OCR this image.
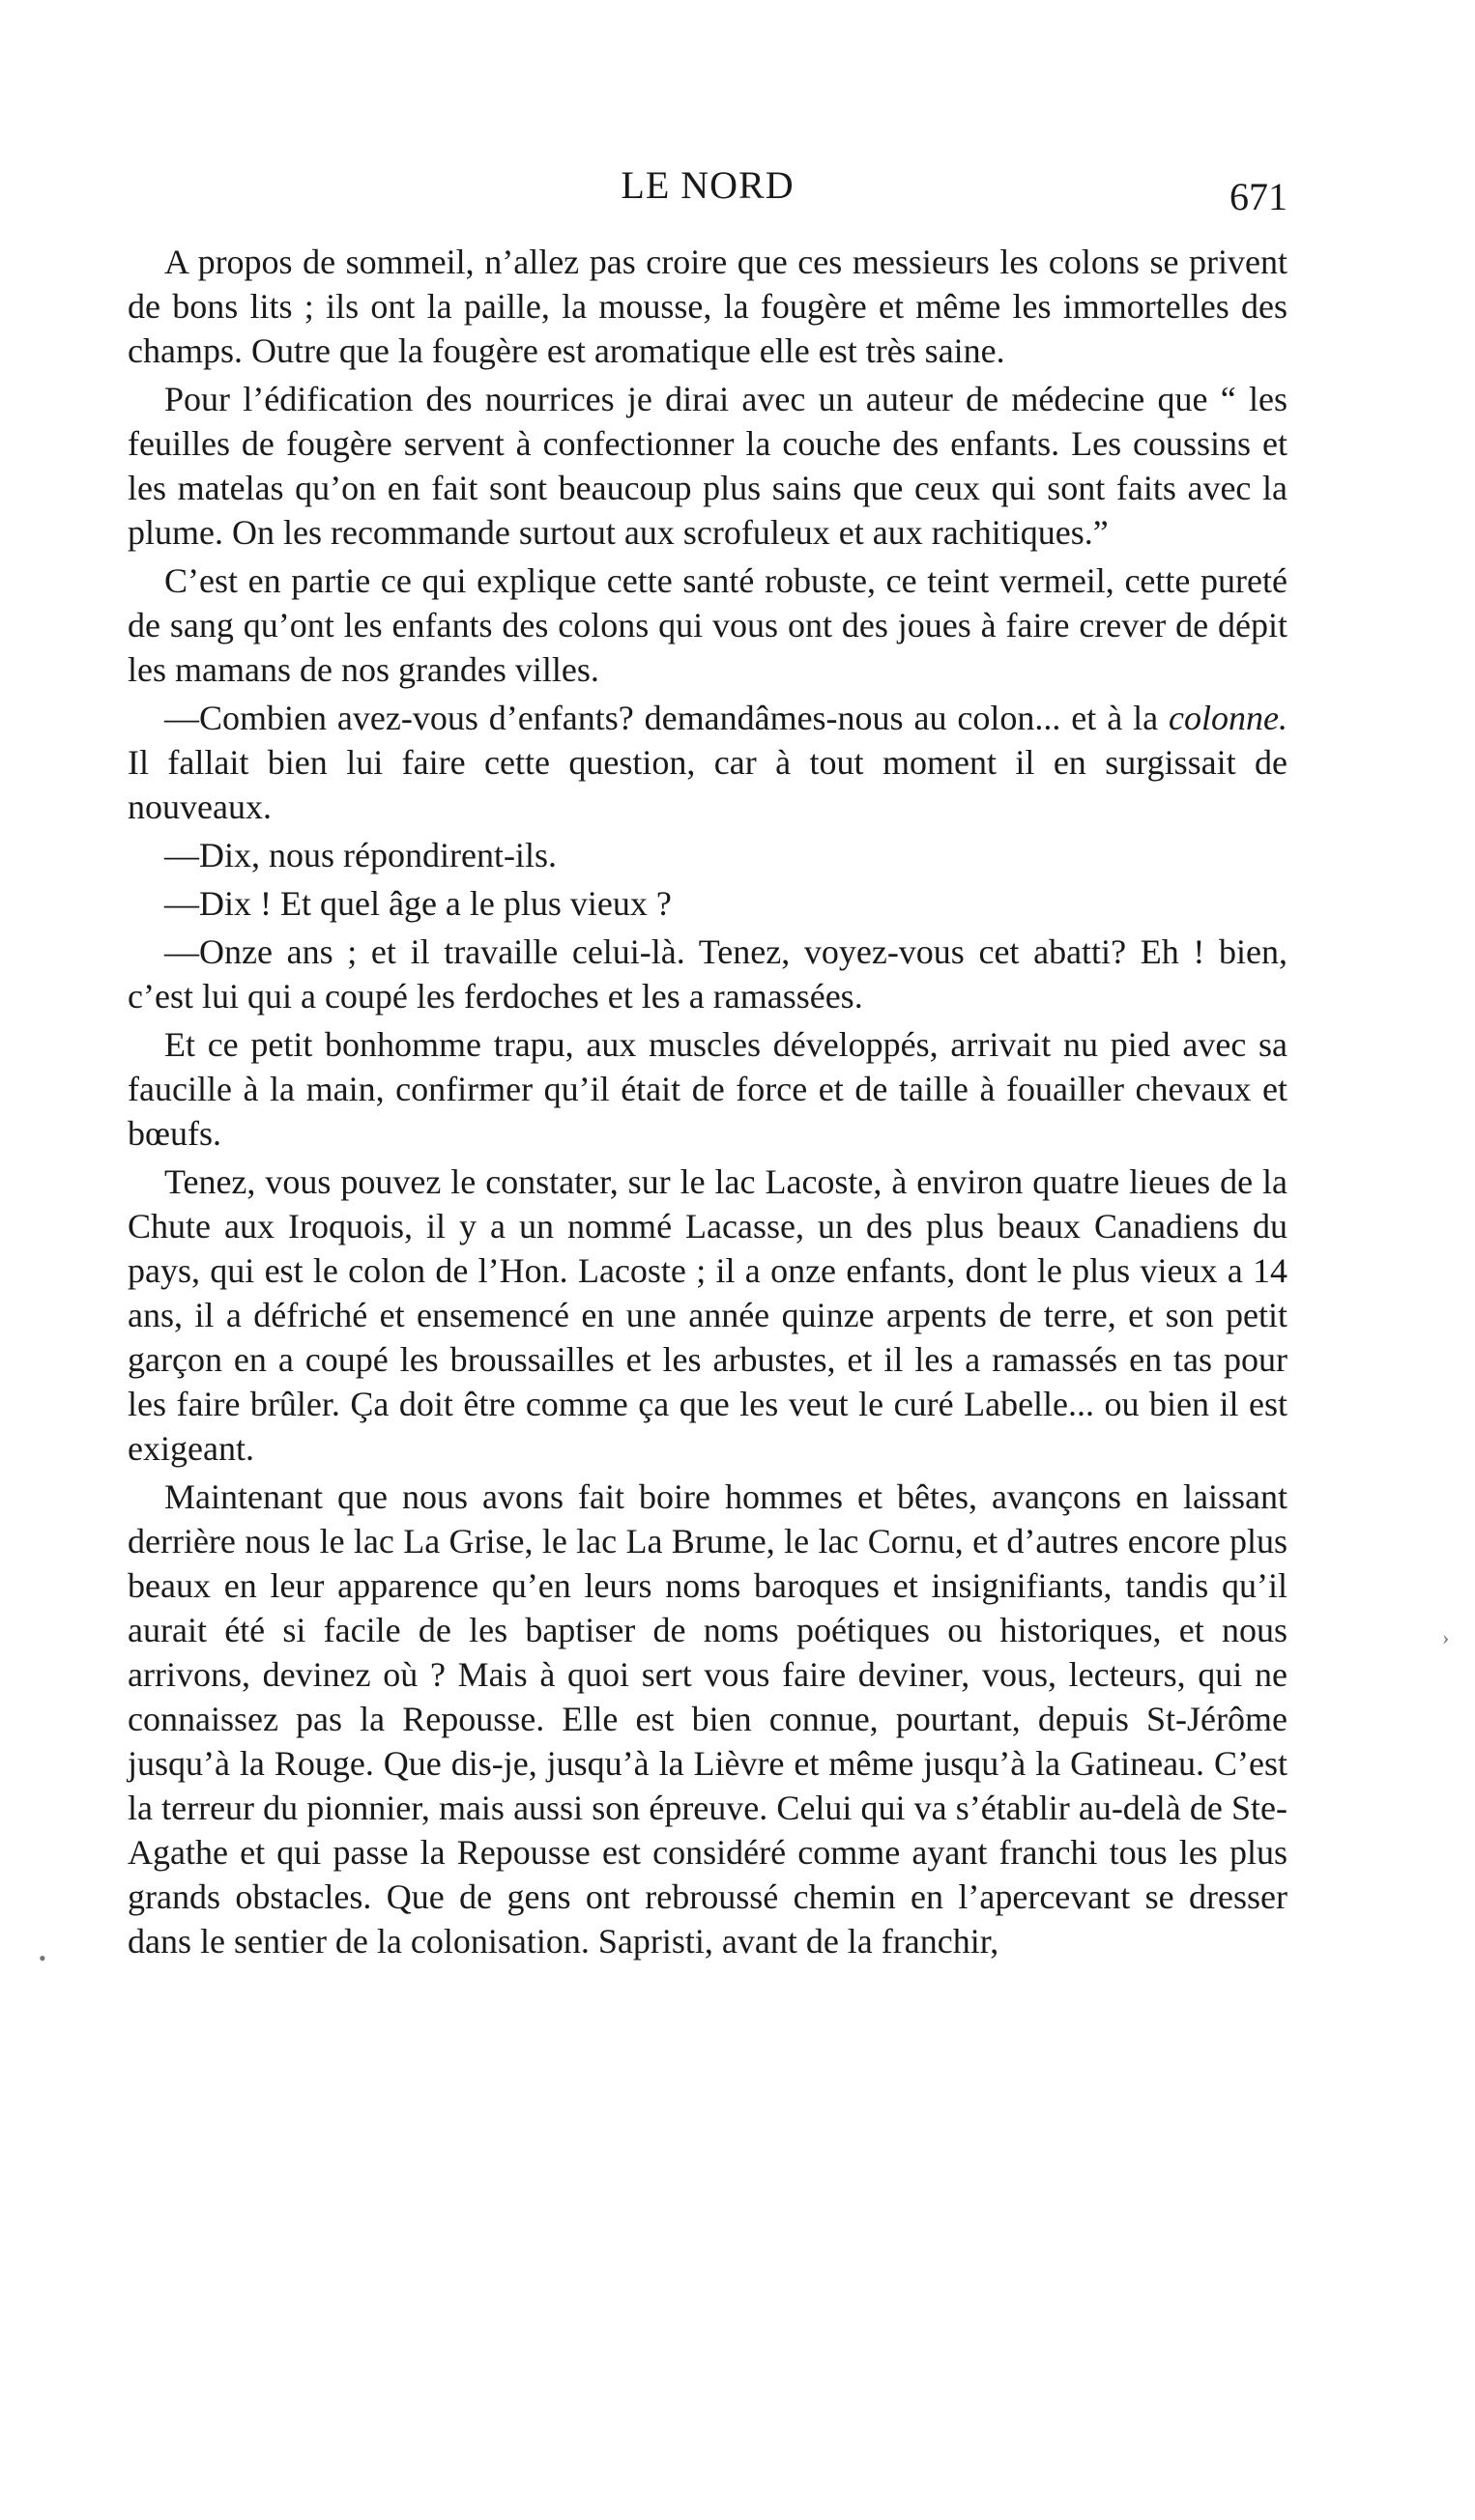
LE NORD	671

A propos de sommeil, n’allez pas croire que ces messieurs les colons se privent de bons lits ; ils ont la paille, la mousse, la fougère et même les immortelles des champs. Outre que la fougère est aromatique elle est très saine.

Pour l’édification des nourrices je dirai avec un auteur de médecine que “ les feuilles de fougère servent à confectionner la couche des enfants. Les coussins et les matelas qu’on en fait sont beaucoup plus sains que ceux qui sont faits avec la plume. On les recommande surtout aux scrofuleux et aux rachitiques.”

C’est en partie ce qui explique cette santé robuste, ce teint vermeil, cette pureté de sang qu’ont les enfants des colons qui vous ont des joues à faire crever de dépit les mamans de nos grandes villes.

—Combien avez-vous d’enfants? demandâmes-nous au colon... et à la colonne. Il fallait bien lui faire cette question, car à tout moment il en surgissait de nouveaux.

—Dix, nous répondirent-ils.

—Dix ! Et quel âge a le plus vieux ?

—Onze ans ; et il travaille celui-là. Tenez, voyez-vous cet abatti? Eh ! bien, c’est lui qui a coupé les ferdoches et les a ramassées.

Et ce petit bonhomme trapu, aux muscles développés, arrivait nu pied avec sa faucille à la main, confirmer qu’il était de force et de taille à fouailler chevaux et bœufs.

Tenez, vous pouvez le constater, sur le lac Lacoste, à environ quatre lieues de la Chute aux Iroquois, il y a un nommé Lacasse, un des plus beaux Canadiens du pays, qui est le colon de l’Hon. Lacoste ; il a onze enfants, dont le plus vieux a 14 ans, il a défriché et ensemencé en une année quinze arpents de terre, et son petit garçon en a coupé les broussailles et les arbustes, et il les a ramassés en tas pour les faire brûler. Ça doit être comme ça que les veut le curé Labelle... ou bien il est exigeant.

Maintenant que nous avons fait boire hommes et bêtes, avançons en laissant derrière nous le lac La Grise, le lac La Brume, le lac Cornu, et d’autres encore plus beaux en leur apparence qu’en leurs noms baroques et insignifiants, tandis qu’il aurait été si facile de les baptiser de noms poétiques ou historiques, et nous arrivons, devinez où ? Mais à quoi sert vous faire deviner, vous, lecteurs, qui ne connaissez pas la Repousse. Elle est bien connue, pourtant, depuis St-Jérôme jusqu’à la Rouge. Que dis-je, jusqu’à la Lièvre et même jusqu’à la Gatineau. C’est la terreur du pionnier, mais aussi son épreuve. Celui qui va s’établir au-delà de Ste-Agathe et qui passe la Repousse est considéré comme ayant franchi tous les plus grands obstacles. Que de gens ont rebroussé chemin en l’apercevant se dresser dans le sentier de la colonisation. Sapristi, avant de la franchir,

›
•
